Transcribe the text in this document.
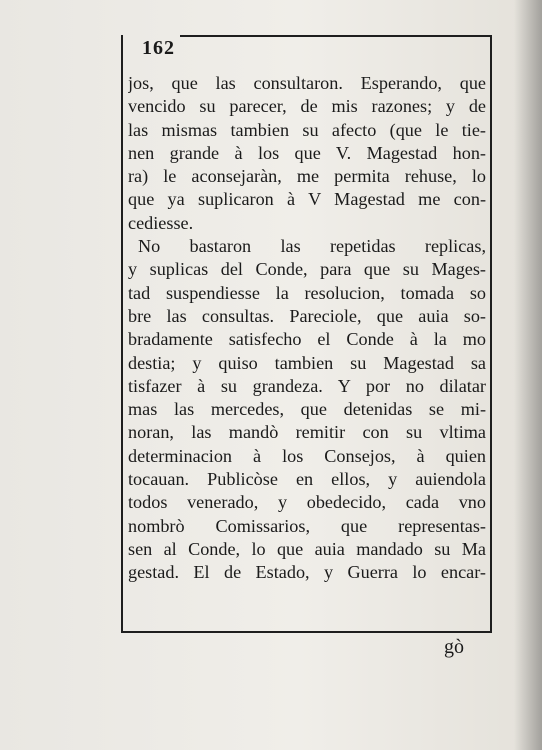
162
jos, que las consultaron. Esperando, que
vencido su parecer, de mis razones; y de
las mismas tambien su afecto (que le tie-
nen grande à los que V. Magestad hon-
ra) le aconsejaràn, me permita rehuse, lo
que ya suplicaron à V Magestad me con-
cediesse.
No bastaron las repetidas replicas,
y suplicas del Conde, para que su Mages-
tad suspendiesse la resolucion, tomada so
bre las consultas. Pareciole, que auia so-
bradamente satisfecho el Conde à la mo
destia; y quiso tambien su Magestad sa
tisfazer à su grandeza. Y por no dilatar
mas las mercedes, que detenidas se mi-
noran, las mandò remitir con su vltima
determinacion à los Consejos, à quien
tocauan. Publicòse en ellos, y auiendola
todos venerado, y obedecido, cada vno
nombrò Comissarios, que representas-
sen al Conde, lo que auia mandado su Ma
gestad. El de Estado, y Guerra lo encar-
gò
